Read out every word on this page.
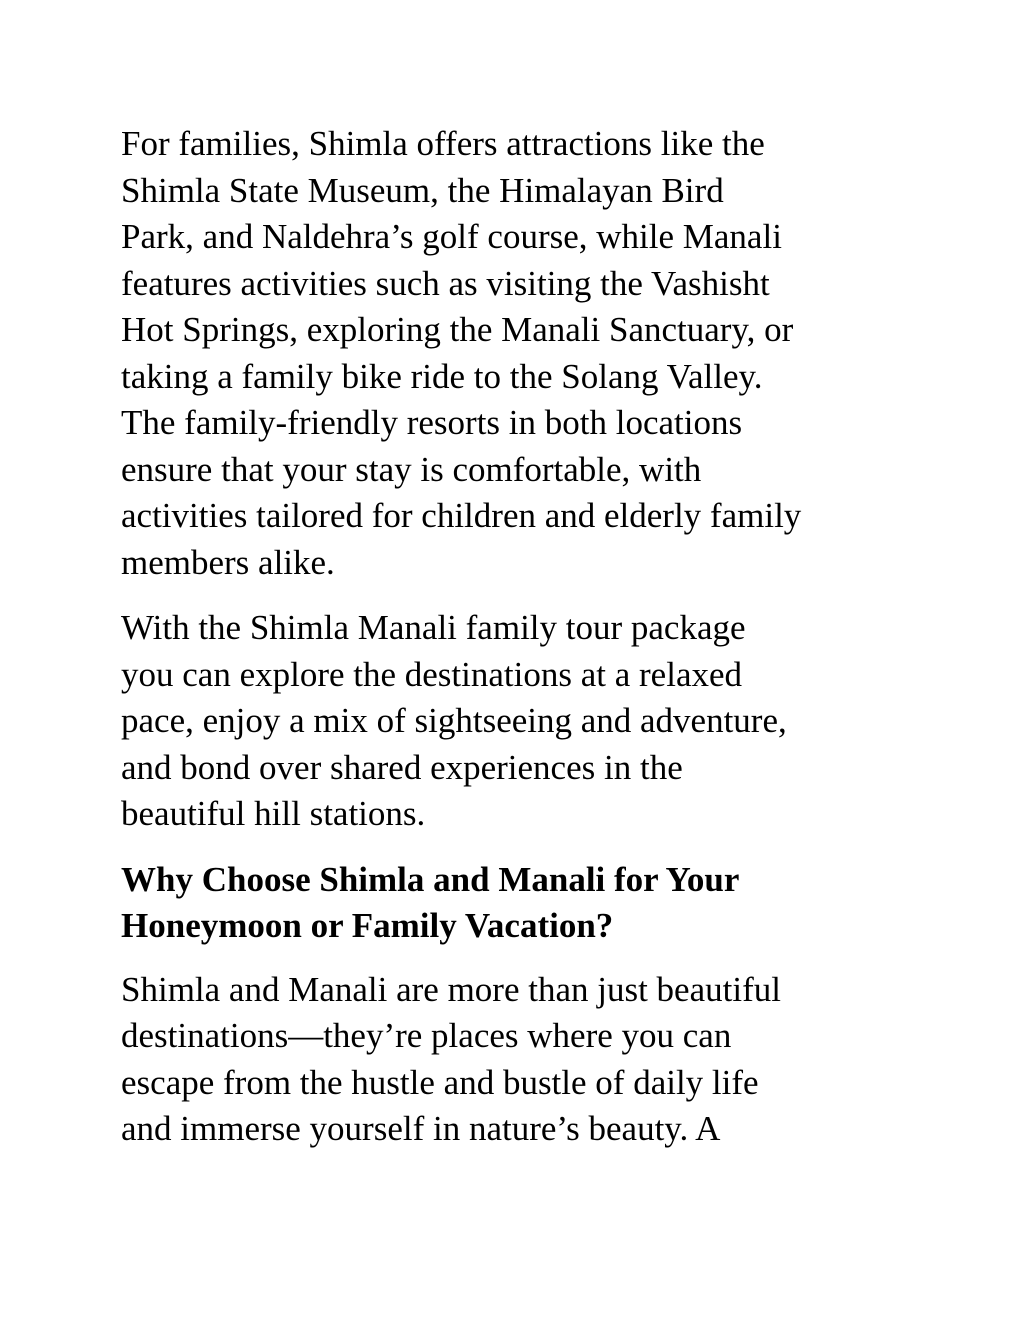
For families, Shimla offers attractions like the

Shimla State Museum, the Himalayan Bird

Park, and Naldehra’s golf course, while Manali

features activities such as visiting the Vashisht

Hot Springs, exploring the Manali Sanctuary, or

taking a family bike ride to the Solang Valley.

The family-friendly resorts in both locations

ensure that your stay is comfortable, with

activities tailored for children and elderly family

members alike.

With the Shimla Manali family tour package

you can explore the destinations at a relaxed

pace, enjoy a mix of sightseeing and adventure,

and bond over shared experiences in the

beautiful hill stations.

Why Choose Shimla and Manali for Your

Honeymoon or Family Vacation?

Shimla and Manali are more than just beautiful

destinations—they’re places where you can

escape from the hustle and bustle of daily life

and immerse yourself in nature’s beauty. A
